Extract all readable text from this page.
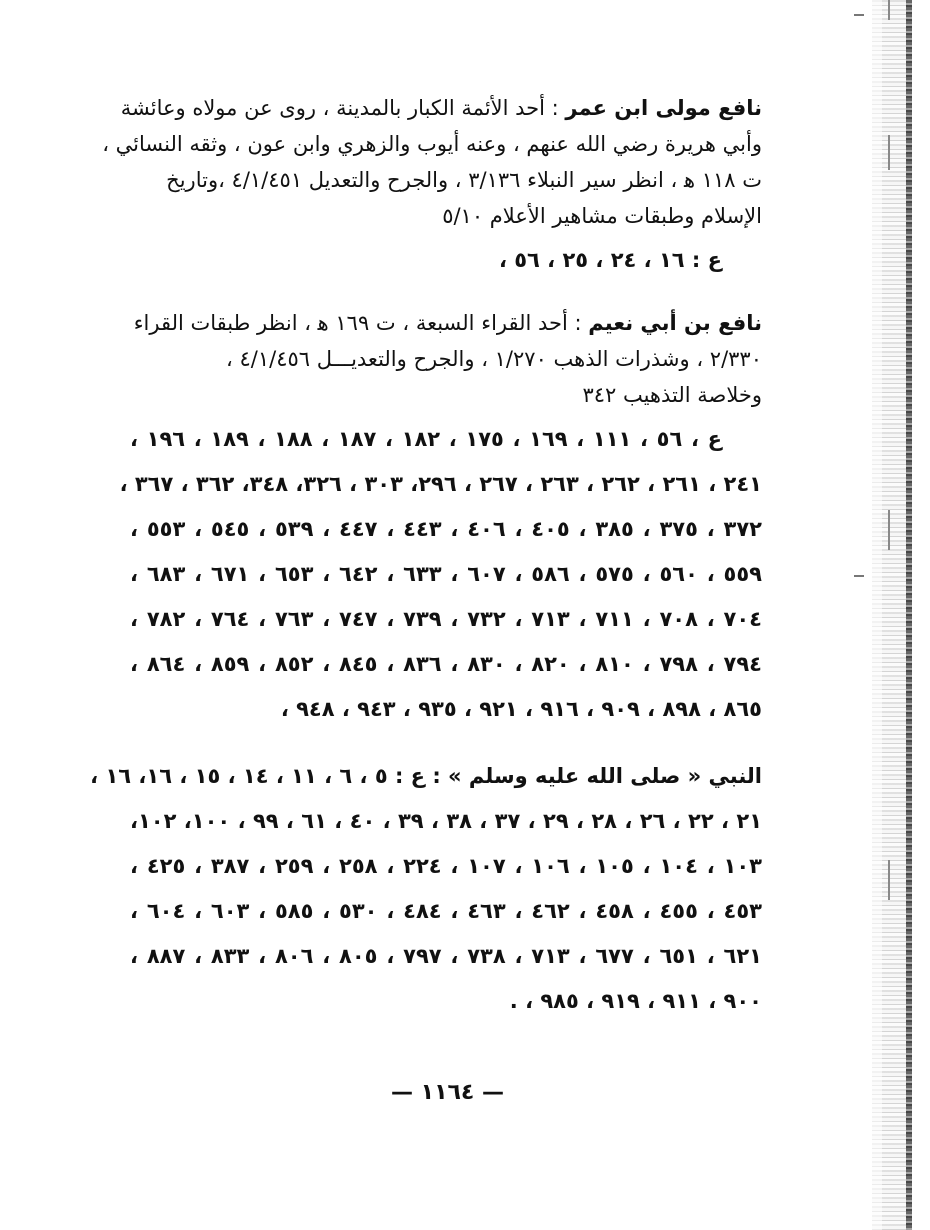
نافع مولى ابن عمر : أحد الأئمة الكبار بالمدينة ، روى عن مولاه وعائشة
وأبي هريرة رضي الله عنهم ، وعنه أيوب والزهري وابن عون ، وثقه النسائي ،
ت ١١٨ ﻫ ، انظر سير النبلاء ٣/١٣٦ ، والجرح والتعديل ٤/١/٤٥١ ،وتاريخ
الإسلام وطبقات مشاهير الأعلام ٥/١٠
ع : ١٦ ، ٢٤ ، ٢٥ ، ٥٦ ،
نافع بن أبي نعيم : أحد القراء السبعة ، ت ١٦٩ ﻫ ، انظر طبقات القراء
٢/٣٣٠ ، وشذرات الذهب ١/٢٧٠ ، والجرح والتعديـــل ٤/١/٤٥٦ ،
وخلاصة التذهيب ٣٤٢
ع ، ٥٦ ، ١١١ ، ١٦٩ ، ١٧٥ ، ١٨٢ ، ١٨٧ ، ١٨٨ ، ١٨٩ ، ١٩٦ ،
٢٤١ ، ٢٦١ ، ٢٦٢ ، ٢٦٣ ، ٢٦٧ ، ٢٩٦، ٣٠٣ ، ٣٢٦، ٣٤٨، ٣٦٢ ، ٣٦٧ ،
٣٧٢ ، ٣٧٥ ، ٣٨٥ ، ٤٠٥ ، ٤٠٦ ، ٤٤٣ ، ٤٤٧ ، ٥٣٩ ، ٥٤٥ ، ٥٥٣ ،
٥٥٩ ، ٥٦٠ ، ٥٧٥ ، ٥٨٦ ، ٦٠٧ ، ٦٣٣ ، ٦٤٢ ، ٦٥٣ ، ٦٧١ ، ٦٨٣ ،
٧٠٤ ، ٧٠٨ ، ٧١١ ، ٧١٣ ، ٧٣٢ ، ٧٣٩ ، ٧٤٧ ، ٧٦٣ ، ٧٦٤ ، ٧٨٢ ،
٧٩٤ ، ٧٩٨ ، ٨١٠ ، ٨٢٠ ، ٨٣٠ ، ٨٣٦ ، ٨٤٥ ، ٨٥٢ ، ٨٥٩ ، ٨٦٤ ،
٨٦٥ ، ٨٩٨ ، ٩٠٩ ، ٩١٦ ، ٩٢١ ، ٩٣٥ ، ٩٤٣ ، ٩٤٨ ،
النبي « صلى الله عليه وسلم » : ع : ٥ ، ٦ ، ١١ ، ١٤ ، ١٥ ، ١٦، ١٦ ،
٢١ ، ٢٢ ، ٢٦ ، ٢٨ ، ٢٩ ، ٣٧ ، ٣٨ ، ٣٩ ، ٤٠ ، ٦١ ، ٩٩ ، ١٠٠، ١٠٢،
١٠٣ ، ١٠٤ ، ١٠٥ ، ١٠٦ ، ١٠٧ ، ٢٢٤ ، ٢٥٨ ، ٢٥٩ ، ٣٨٧ ، ٤٢٥ ،
٤٥٣ ، ٤٥٥ ، ٤٥٨ ، ٤٦٢ ، ٤٦٣ ، ٤٨٤ ، ٥٣٠ ، ٥٨٥ ، ٦٠٣ ، ٦٠٤ ،
٦٢١ ، ٦٥١ ، ٦٧٧ ، ٧١٣ ، ٧٣٨ ، ٧٩٧ ، ٨٠٥ ، ٨٠٦ ، ٨٣٣ ، ٨٨٧ ،
٩٠٠ ، ٩١١ ، ٩١٩ ، ٩٨٥ ، .
— ١١٦٤ —
